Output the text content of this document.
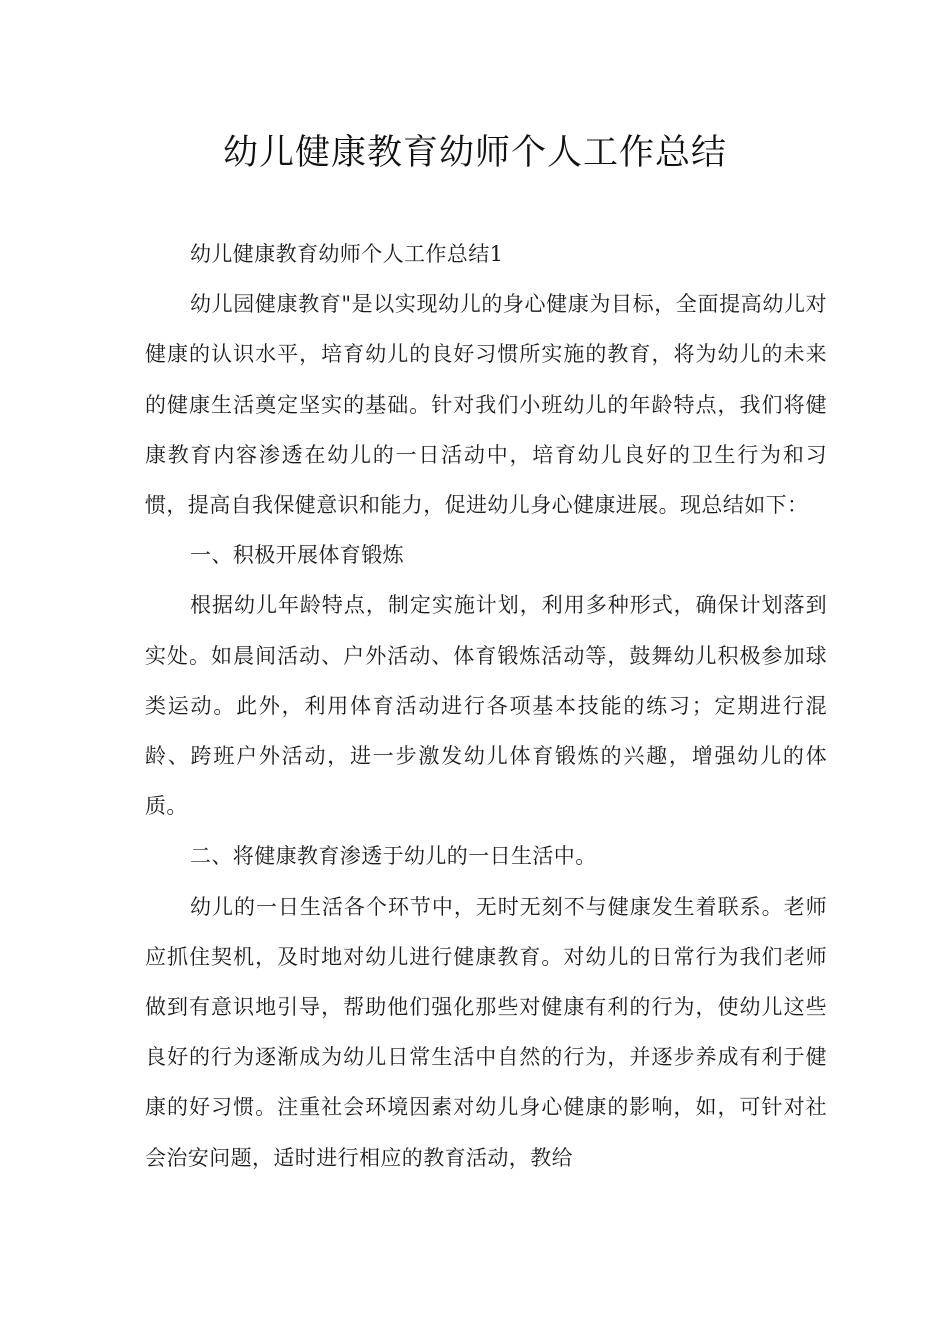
幼儿健康教育幼师个人工作总结

幼儿健康教育幼师个人工作总结1

幼儿园健康教育"是以实现幼儿的身心健康为目标，全面提高幼儿对健康的认识水平，培育幼儿的良好习惯所实施的教育，将为幼儿的未来的健康生活奠定坚实的基础。针对我们小班幼儿的年龄特点，我们将健康教育内容渗透在幼儿的一日活动中，培育幼儿良好的卫生行为和习惯，提高自我保健意识和能力，促进幼儿身心健康进展。现总结如下：

一、积极开展体育锻炼

根据幼儿年龄特点，制定实施计划，利用多种形式，确保计划落到实处。如晨间活动、户外活动、体育锻炼活动等，鼓舞幼儿积极参加球类运动。此外，利用体育活动进行各项基本技能的练习；定期进行混龄、跨班户外活动，进一步激发幼儿体育锻炼的兴趣，增强幼儿的体质。

二、将健康教育渗透于幼儿的一日生活中。

幼儿的一日生活各个环节中，无时无刻不与健康发生着联系。老师应抓住契机，及时地对幼儿进行健康教育。对幼儿的日常行为我们老师做到有意识地引导，帮助他们强化那些对健康有利的行为，使幼儿这些良好的行为逐渐成为幼儿日常生活中自然的行为，并逐步养成有利于健康的好习惯。注重社会环境因素对幼儿身心健康的影响，如，可针对社会治安问题，适时进行相应的教育活动，教给
